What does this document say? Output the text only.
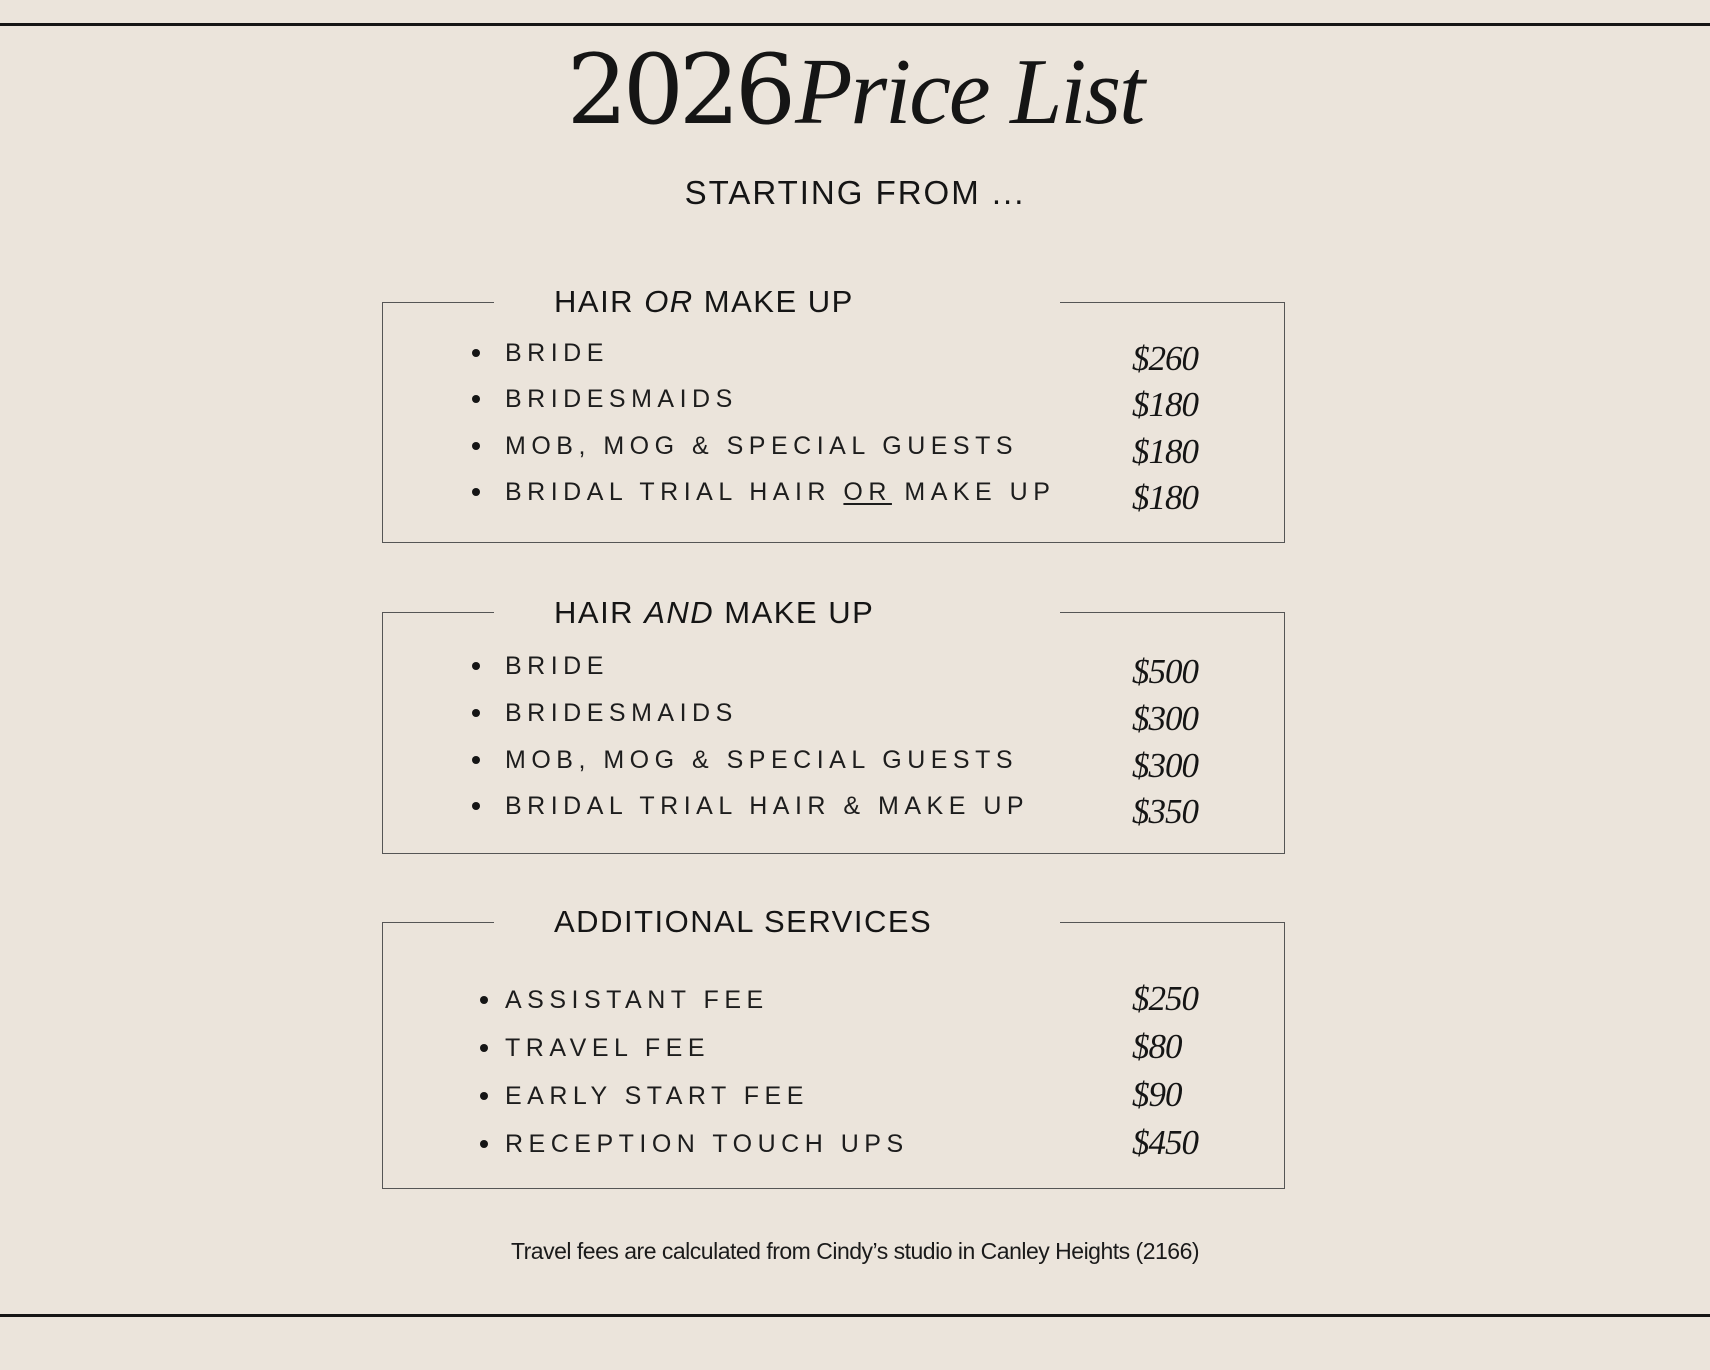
2026 Price List
STARTING FROM ...
HAIR OR MAKE UP
BRIDE	$260
BRIDESMAIDS	$180
MOB, MOG & SPECIAL GUESTS	$180
BRIDAL TRIAL HAIR OR MAKE UP $180
HAIR AND MAKE UP
BRIDE	$500
BRIDESMAIDS	$300
MOB, MOG & SPECIAL GUESTS	$300
BRIDAL TRIAL HAIR & MAKE UP	$350
ADDITIONAL SERVICES
ASSISTANT FEE	$250
TRAVEL FEE	$80
EARLY START FEE	$90
RECEPTION TOUCH UPS	$450
Travel fees are calculated from Cindy’s studio in Canley Heights (2166)
